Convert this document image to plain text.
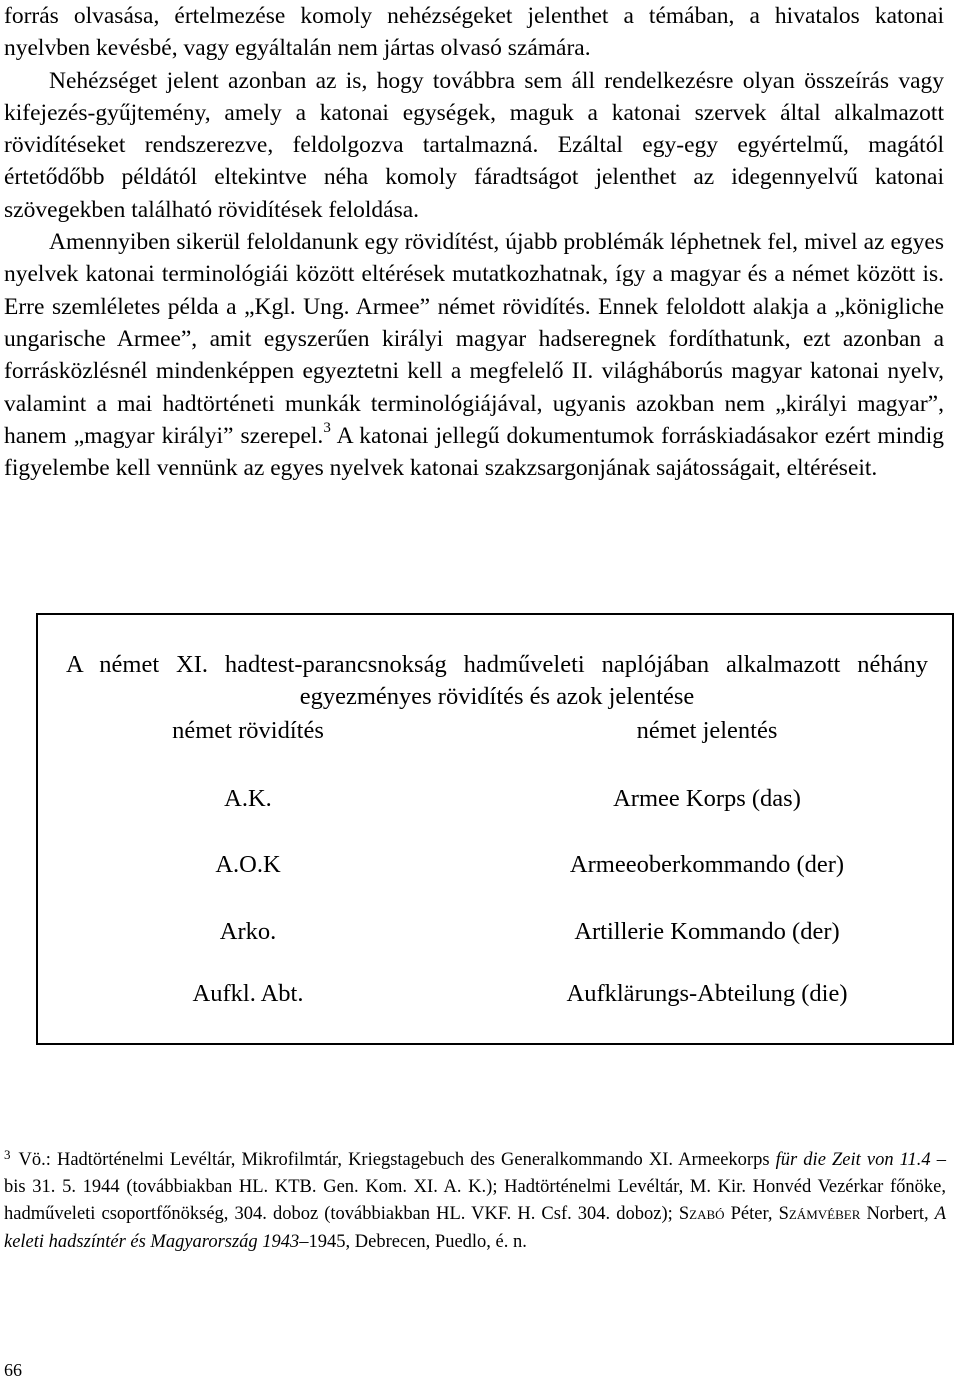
forrás olvasása, értelmezése komoly nehézségeket jelenthet a témában, a hivatalos katonai nyelvben kevésbé, vagy egyáltalán nem jártas olvasó számára.

Nehézséget jelent azonban az is, hogy továbbra sem áll rendelkezésre olyan összeírás vagy kifejezés-gyűjtemény, amely a katonai egységek, maguk a katonai szervek által alkalmazott rövidítéseket rendszerezve, feldolgozva tartalmazná. Ezáltal egy-egy egyértelmű, magától értetődőbb példától eltekintve néha komoly fáradtságot jelenthet az idegennyelvű katonai szövegekben található rövidítések feloldása.

Amennyiben sikerül feloldanunk egy rövidítést, újabb problémák léphetnek fel, mivel az egyes nyelvek katonai terminológiái között eltérések mutatkozhatnak, így a magyar és a német között is. Erre szemléletes példa a „Kgl. Ung. Armee” német rövidítés. Ennek feloldott alakja a „königliche ungarische Armee”, amit egyszerűen királyi magyar hadseregnek fordíthatunk, ezt azonban a forrásközlésnél mindenképpen egyeztetni kell a megfelelő II. világháborús magyar katonai nyelv, valamint a mai hadtörténeti munkák terminológiájával, ugyanis azokban nem „királyi magyar”, hanem „magyar királyi” szerepel.$^3$ A katonai jellegű dokumentumok forráskiadásakor ezért mindig figyelembe kell vennünk az egyes nyelvek katonai szakzsargonjának sajátosságait, eltéréseit.

A német XI. hadtest-parancsnokság hadműveleti naplójában alkalmazott néhány egyezményes rövidítés és azok jelentése
német rövidítés	német jelentés
A.K.	Armee Korps (das)
A.O.K	Armeeoberkommando (der)
Arko.	Artillerie Kommando (der)
Aufkl. Abt.	Aufklärungs-Abteilung (die)

$^3$ Vö.: Hadtörténelmi Levéltár, Mikrofilmtár, Kriegstagebuch des Generalkommando XI. Armeekorps für die Zeit von 11.4 – bis 31. 5. 1944 (továbbiakban HL. KTB. Gen. Kom. XI. A. K.); Hadtörténelmi Levéltár, M. Kir. Honvéd Vezérkar főnöke, hadműveleti csoportfőnökség, 304. doboz (továbbiakban HL. VKF. H. Csf. 304. doboz); Szabó Péter, Számvéber Norbert, A keleti hadszíntér és Magyarország 1943–1945, Debrecen, Puedlo, é. n.

66
